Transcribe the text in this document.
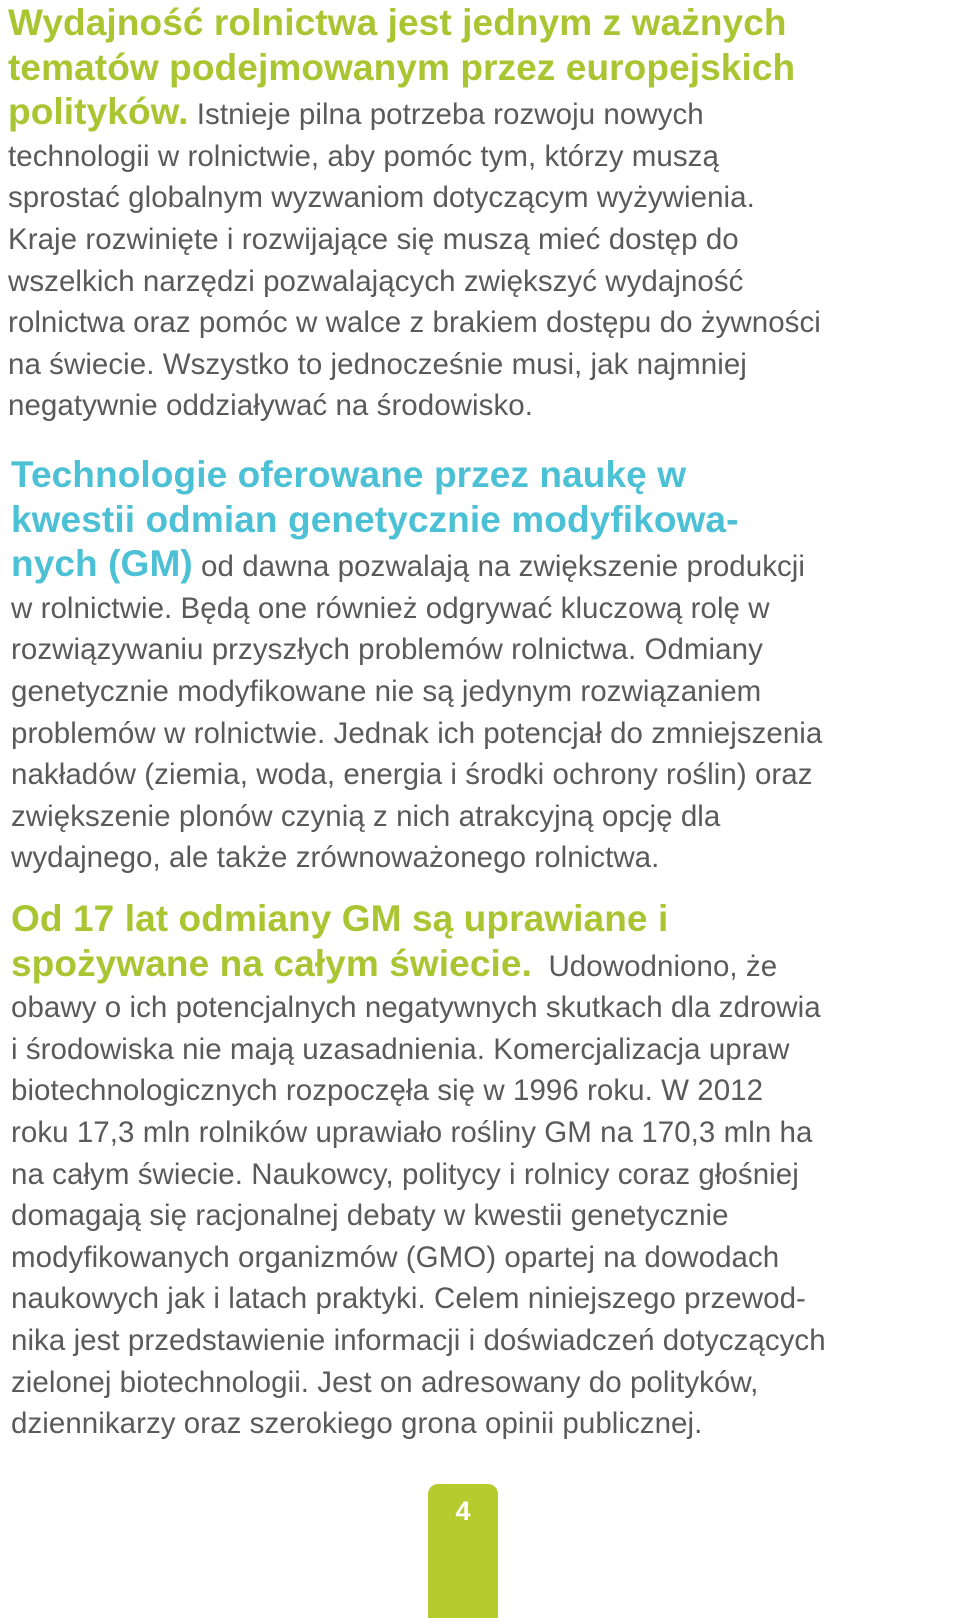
Wydajność rolnictwa jest jednym z ważnych tematów podejmowanym przez europejskich polityków. Istnieje pilna potrzeba rozwoju nowych
technologii w rolnictwie, aby pomóc tym, którzy muszą
sprostać globalnym wyzwaniom dotyczącym wyżywienia.
Kraje rozwinięte i rozwijające się muszą mieć dostęp do
wszelkich narzędzi pozwalających zwiększyć wydajność
rolnictwa oraz pomóc w walce z brakiem dostępu do żywności
na świecie. Wszystko to jednocześnie musi, jak najmniej
negatywnie oddziaływać na środowisko.

Technologie oferowane przez naukę w
kwestii odmian genetycznie modyfikowa-
nych (GM) od dawna pozwalają na zwiększenie produkcji
w rolnictwie. Będą one również odgrywać kluczową rolę w
rozwiązywaniu przyszłych problemów rolnictwa. Odmiany
genetycznie modyfikowane nie są jedynym rozwiązaniem
problemów w rolnictwie. Jednak ich potencjał do zmniejszenia
nakładów (ziemia, woda, energia i środki ochrony roślin) oraz
zwiększenie plonów czynią z nich atrakcyjną opcję dla
wydajnego, ale także zrównoważonego rolnictwa.

Od 17 lat odmiany GM są uprawiane i
spożywane na całym świecie. Udowodniono, że
obawy o ich potencjalnych negatywnych skutkach dla zdrowia
i środowiska nie mają uzasadnienia. Komercjalizacja upraw
biotechnologicznych rozpoczęła się w 1996 roku. W 2012
roku 17,3 mln rolników uprawiało rośliny GM na 170,3 mln ha
na całym świecie. Naukowcy, politycy i rolnicy coraz głośniej
domagają się racjonalnej debaty w kwestii genetycznie
modyfikowanych organizmów (GMO) opartej na dowodach
naukowych jak i latach praktyki. Celem niniejszego przewod-
nika jest przedstawienie informacji i doświadczeń dotyczących
zielonej biotechnologii. Jest on adresowany do polityków,
dziennikarzy oraz szerokiego grona opinii publicznej.

4
